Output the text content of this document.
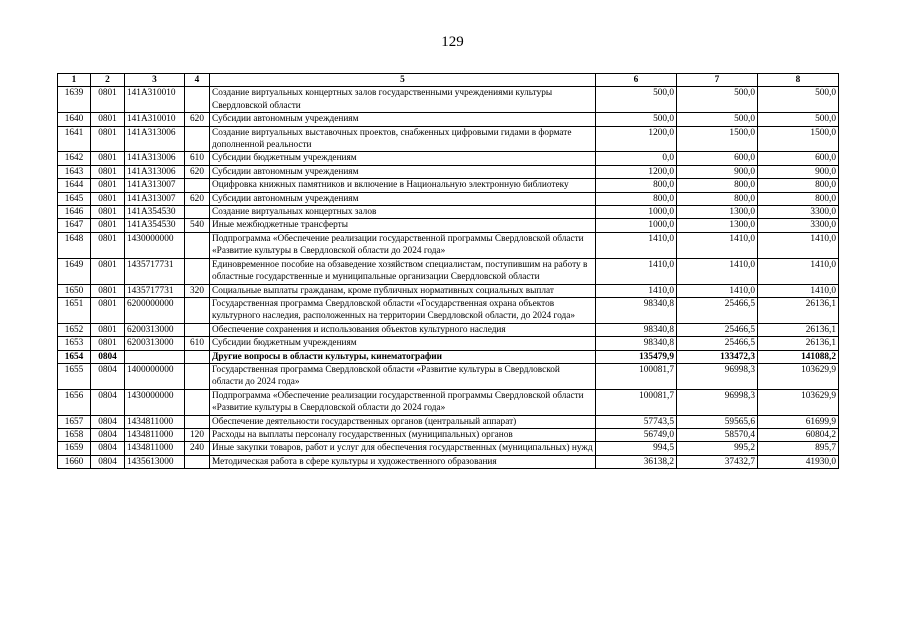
129
1	2	3	4	5	6	7	8
1639	0801	141A310010		Создание виртуальных концертных залов государственными учреждениями культуры Свердловской области	500,0	500,0	500,0
1640	0801	141A310010	620	Субсидии автономным учреждениям	500,0	500,0	500,0
1641	0801	141A313006		Создание виртуальных выставочных проектов, снабженных цифровыми гидами в формате дополненной реальности	1200,0	1500,0	1500,0
1642	0801	141A313006	610	Субсидии бюджетным учреждениям	0,0	600,0	600,0
1643	0801	141A313006	620	Субсидии автономным учреждениям	1200,0	900,0	900,0
1644	0801	141A313007		Оцифровка книжных памятников и включение в Национальную электронную библиотеку	800,0	800,0	800,0
1645	0801	141A313007	620	Субсидии автономным учреждениям	800,0	800,0	800,0
1646	0801	141A354530		Создание виртуальных концертных залов	1000,0	1300,0	3300,0
1647	0801	141A354530	540	Иные межбюджетные трансферты	1000,0	1300,0	3300,0
1648	0801	1430000000		Подпрограмма «Обеспечение реализации государственной программы Свердловской области «Развитие культуры в Свердловской области до 2024 года»	1410,0	1410,0	1410,0
1649	0801	1435717731		Единовременное пособие на обзаведение хозяйством специалистам, поступившим на работу в областные государственные и муниципальные организации Свердловской области	1410,0	1410,0	1410,0
1650	0801	1435717731	320	Социальные выплаты гражданам, кроме публичных нормативных социальных выплат	1410,0	1410,0	1410,0
1651	0801	6200000000		Государственная программа Свердловской области «Государственная охрана объектов культурного наследия, расположенных на территории Свердловской области, до 2024 года»	98340,8	25466,5	26136,1
1652	0801	6200313000		Обеспечение сохранения и использования объектов культурного наследия	98340,8	25466,5	26136,1
1653	0801	6200313000	610	Субсидии бюджетным учреждениям	98340,8	25466,5	26136,1
1654	0804			Другие вопросы в области культуры, кинематографии	135479,9	133472,3	141088,2
1655	0804	1400000000		Государственная программа Свердловской области «Развитие культуры в Свердловской области до 2024 года»	100081,7	96998,3	103629,9
1656	0804	1430000000		Подпрограмма «Обеспечение реализации государственной программы Свердловской области «Развитие культуры в Свердловской области до 2024 года»	100081,7	96998,3	103629,9
1657	0804	1434811000		Обеспечение деятельности государственных органов (центральный аппарат)	57743,5	59565,6	61699,9
1658	0804	1434811000	120	Расходы на выплаты персоналу государственных (муниципальных) органов	56749,0	58570,4	60804,2
1659	0804	1434811000	240	Иные закупки товаров, работ и услуг для обеспечения государственных (муниципальных) нужд	994,5	995,2	895,7
1660	0804	1435613000		Методическая работа в сфере культуры и художественного образования	36138,2	37432,7	41930,0
